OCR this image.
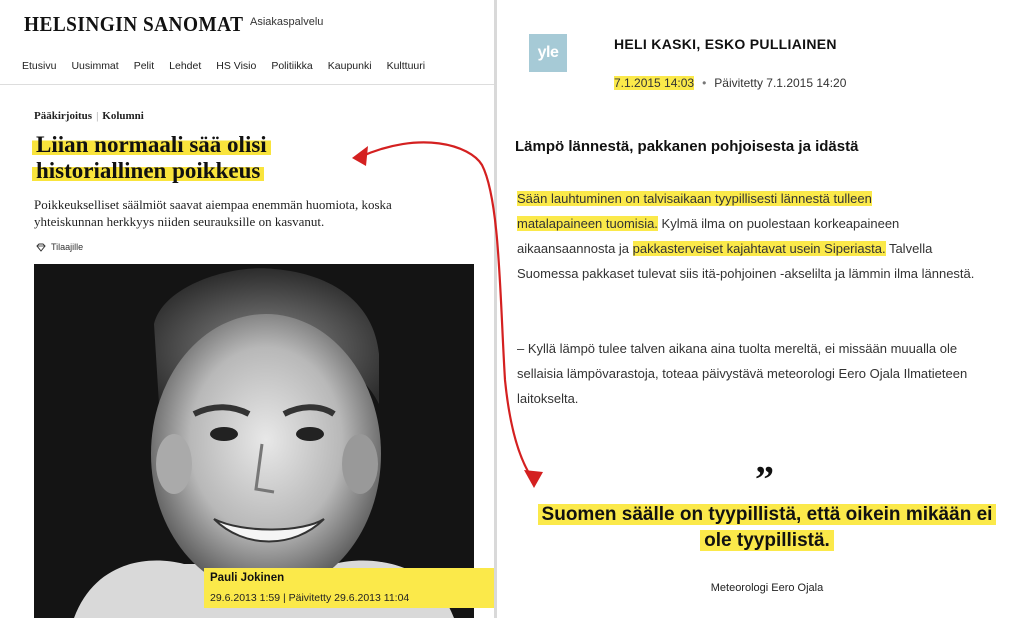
HELSINGIN SANOMAT Asiakaspalvelu
Etusivu Uusimmat Pelit Lehdet HS Visio Politiikka Kaupunki Kulttuuri
Pääkirjoitus | Kolumni
Liian normaali sää olisi historiallinen poikkeus
Poikkeukselliset säälmiöt saavat aiempaa enemmän huomiota, koska yhteiskunnan herkkyys niiden seurauksille on kasvanut.
Tilaajille
Pauli Jokinen
29.6.2013 1:59 | Päivitetty 29.6.2013 11:04
yle	HELI KASKI, ESKO PULLIAINEN
7.1.2015 14:03 • Päivitetty 7.1.2015 14:20
Lämpö lännestä, pakkanen pohjoisesta ja idästä
Sään lauhtuminen on talvisaikaan tyypillisesti lännestä tulleen
matalapaineen tuomisia. Kylmä ilma on puolestaan korkeapaineen aikaansaannosta ja pakkasterveiset kajahtavat usein Siperiasta. Talvella Suomessa pakkaset tulevat siis itä-pohjoinen -akselilta ja lämmin ilma lännestä.
– Kyllä lämpö tulee talven aikana aina tuolta mereltä, ei missään muualla ole sellaisia lämpövarastoja, toteaa päivystävä meteorologi Eero Ojala Ilmatieteen laitokselta.
”
Suomen säälle on tyypillistä, että oikein mikään ei ole tyypillistä.
Meteorologi Eero Ojala
